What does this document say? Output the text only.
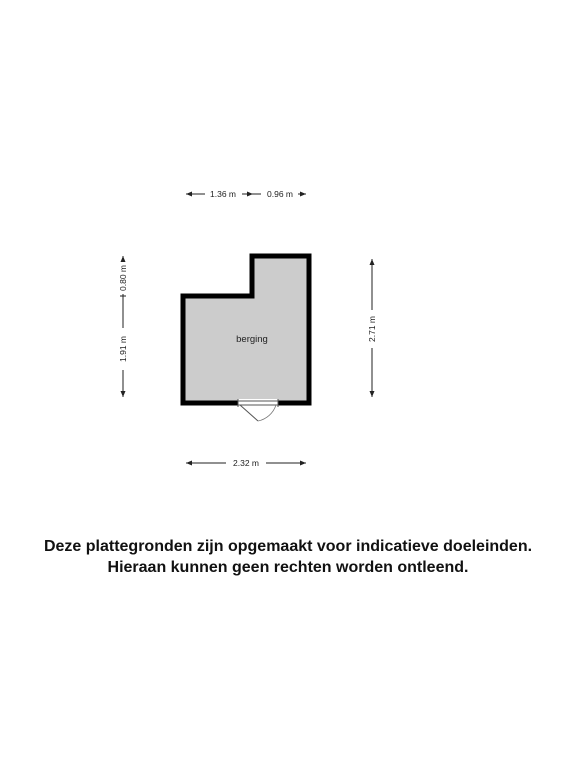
berging
1.36 m	0.96 m
0.80 m
1.91 m
2.71 m
2.32 m
Deze plattegronden zijn opgemaakt voor indicatieve doeleinden.
Hieraan kunnen geen rechten worden ontleend.
